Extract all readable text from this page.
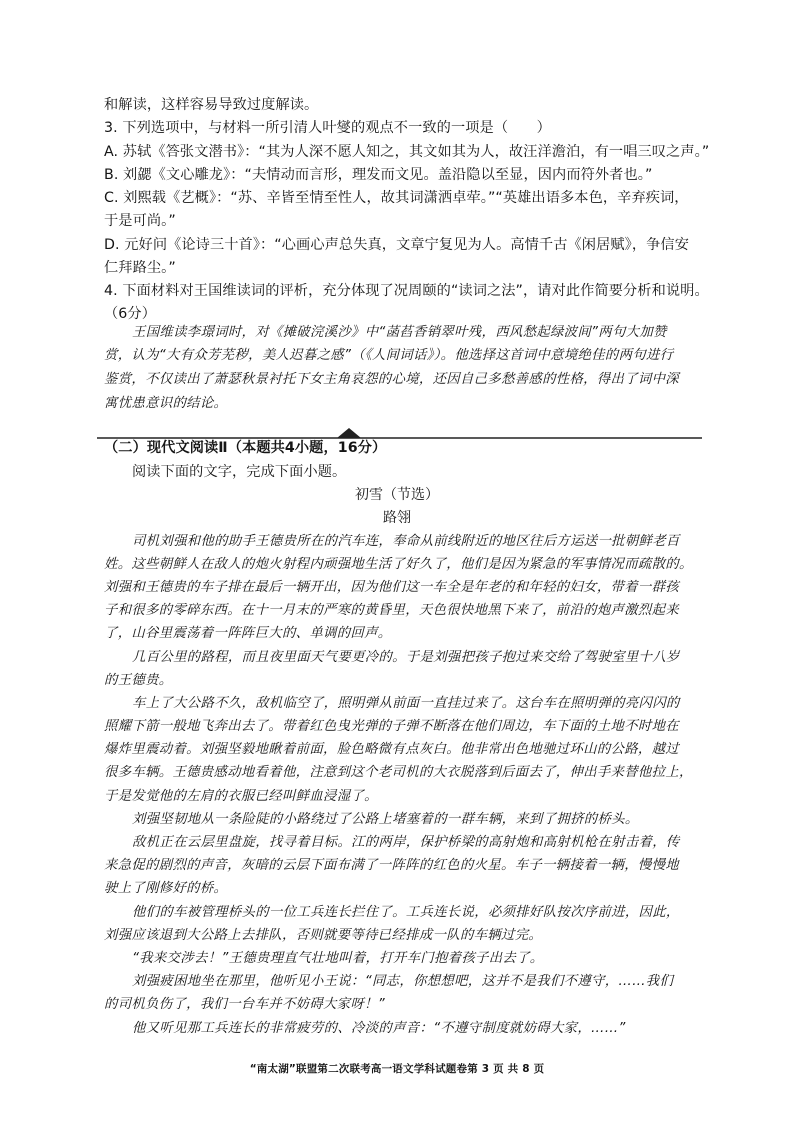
和解读，这样容易导致过度解读。
3. 下列选项中，与材料一所引清人叶燮的观点不一致的一项是（　　）
A. 苏轼《答张文潜书》：“其为人深不愿人知之，其文如其为人，故汪洋澹泊，有一唱三叹之声。”
B. 刘勰《文心雕龙》：“夫情动而言形，理发而文见。盖沿隐以至显，因内而符外者也。”
C. 刘熙载《艺概》：“苏、辛皆至情至性人，故其词潇洒卓荦。”“英雄出语多本色，辛弃疾词，
于是可尚。”
D. 元好问《论诗三十首》：“心画心声总失真，文章宁复见为人。高情千古《闲居赋》，争信安
仁拜路尘。”
4. 下面材料对王国维读词的评析，充分体现了况周颐的“读词之法”，请对此作简要分析和说明。
（6分）
王国维读李璟词时，对《摊破浣溪沙》中“菡萏香销翠叶残，西风愁起绿波间”两句大加赞
赏，认为“大有众芳芜秽，美人迟暮之感”（《人间词话》）。他选择这首词中意境绝佳的两句进行
鉴赏，不仅读出了萧瑟秋景衬托下女主角哀怨的心境，还因自己多愁善感的性格，得出了词中深
寓忧患意识的结论。
（二）现代文阅读Ⅱ（本题共4小题，16分）
阅读下面的文字，完成下面小题。
初雪（节选）
路翎
司机刘强和他的助手王德贵所在的汽车连，奉命从前线附近的地区往后方运送一批朝鲜老百
姓。这些朝鲜人在敌人的炮火射程内顽强地生活了好久了，他们是因为紧急的军事情况而疏散的。
刘强和王德贵的车子排在最后一辆开出，因为他们这一车全是年老的和年轻的妇女，带着一群孩
子和很多的零碎东西。在十一月末的严寒的黄昏里，天色很快地黑下来了，前沿的炮声激烈起来
了，山谷里震荡着一阵阵巨大的、单调的回声。
几百公里的路程，而且夜里面天气要更冷的。于是刘强把孩子抱过来交给了驾驶室里十八岁
的王德贵。
车上了大公路不久，敌机临空了，照明弹从前面一直挂过来了。这台车在照明弹的亮闪闪的
照耀下箭一般地飞奔出去了。带着红色曳光弹的子弹不断落在他们周边，车下面的土地不时地在
爆炸里震动着。刘强坚毅地瞅着前面，脸色略微有点灰白。他非常出色地驰过环山的公路，越过
很多车辆。王德贵感动地看着他，注意到这个老司机的大衣脱落到后面去了，伸出手来替他拉上，
于是发觉他的左肩的衣服已经叫鲜血浸湿了。
刘强坚韧地从一条险陡的小路绕过了公路上堵塞着的一群车辆，来到了拥挤的桥头。
敌机正在云层里盘旋，找寻着目标。江的两岸，保护桥梁的高射炮和高射机枪在射击着，传
来急促的剧烈的声音，灰暗的云层下面布满了一阵阵的红色的火星。车子一辆接着一辆，慢慢地
驶上了刚修好的桥。
他们的车被管理桥头的一位工兵连长拦住了。工兵连长说，必须排好队按次序前进，因此，
刘强应该退到大公路上去排队，否则就要等待已经排成一队的车辆过完。
“我来交涉去！”王德贵理直气壮地叫着，打开车门抱着孩子出去了。
刘强疲困地坐在那里，他听见小王说：“同志，你想想吧，这并不是我们不遵守，……我们
的司机负伤了，我们一台车并不妨碍大家呀！”
他又听见那工兵连长的非常疲劳的、冷淡的声音：“不遵守制度就妨碍大家，……”
“南太湖”联盟第二次联考高一语文学科试题卷第 3 页 共 8 页
